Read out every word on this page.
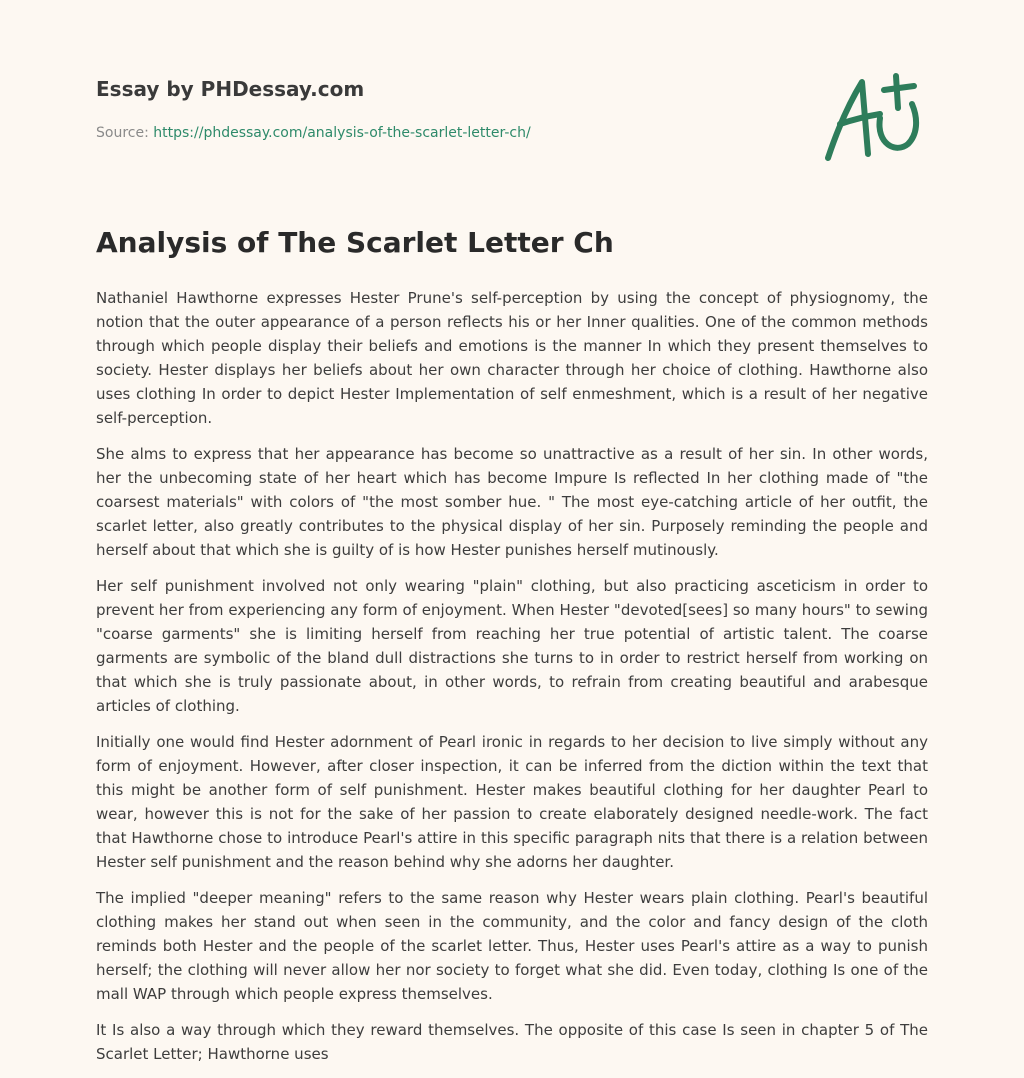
Essay by PHDessay.com
Source: https://phdessay.com/analysis-of-the-scarlet-letter-ch/
Analysis of The Scarlet Letter Ch

Nathaniel Hawthorne expresses Hester Prune's self-perception by using the concept of physiognomy, the notion that the outer appearance of a person reflects his or her Inner qualities. One of the common methods through which people display their beliefs and emotions is the manner In which they present themselves to society. Hester displays her beliefs about her own character through her choice of clothing. Hawthorne also uses clothing In order to depict Hester Implementation of self enmeshment, which is a result of her negative self-perception.

She alms to express that her appearance has become so unattractive as a result of her sin. In other words, her the unbecoming state of her heart which has become Impure Is reflected In her clothing made of "the coarsest materials" with colors of "the most somber hue. " The most eye-catching article of her outfit, the scarlet letter, also greatly contributes to the physical display of her sin. Purposely reminding the people and herself about that which she is guilty of is how Hester punishes herself mutinously.

Her self punishment involved not only wearing "plain" clothing, but also practicing asceticism in order to prevent her from experiencing any form of enjoyment. When Hester "devoted[sees] so many hours" to sewing "coarse garments" she is limiting herself from reaching her true potential of artistic talent. The coarse garments are symbolic of the bland dull distractions she turns to in order to restrict herself from working on that which she is truly passionate about, in other words, to refrain from creating beautiful and arabesque articles of clothing.

Initially one would find Hester adornment of Pearl ironic in regards to her decision to live simply without any form of enjoyment. However, after closer inspection, it can be inferred from the diction within the text that this might be another form of self punishment. Hester makes beautiful clothing for her daughter Pearl to wear, however this is not for the sake of her passion to create elaborately designed needle-work. The fact that Hawthorne chose to introduce Pearl's attire in this specific paragraph nits that there is a relation between Hester self punishment and the reason behind why she adorns her daughter.

The implied "deeper meaning" refers to the same reason why Hester wears plain clothing. Pearl's beautiful clothing makes her stand out when seen in the community, and the color and fancy design of the cloth reminds both Hester and the people of the scarlet letter. Thus, Hester uses Pearl's attire as a way to punish herself; the clothing will never allow her nor society to forget what she did. Even today, clothing Is one of the mall WAP through which people express themselves.

It Is also a way through which they reward themselves. The opposite of this case Is seen in chapter 5 of The Scarlet Letter; Hawthorne uses
